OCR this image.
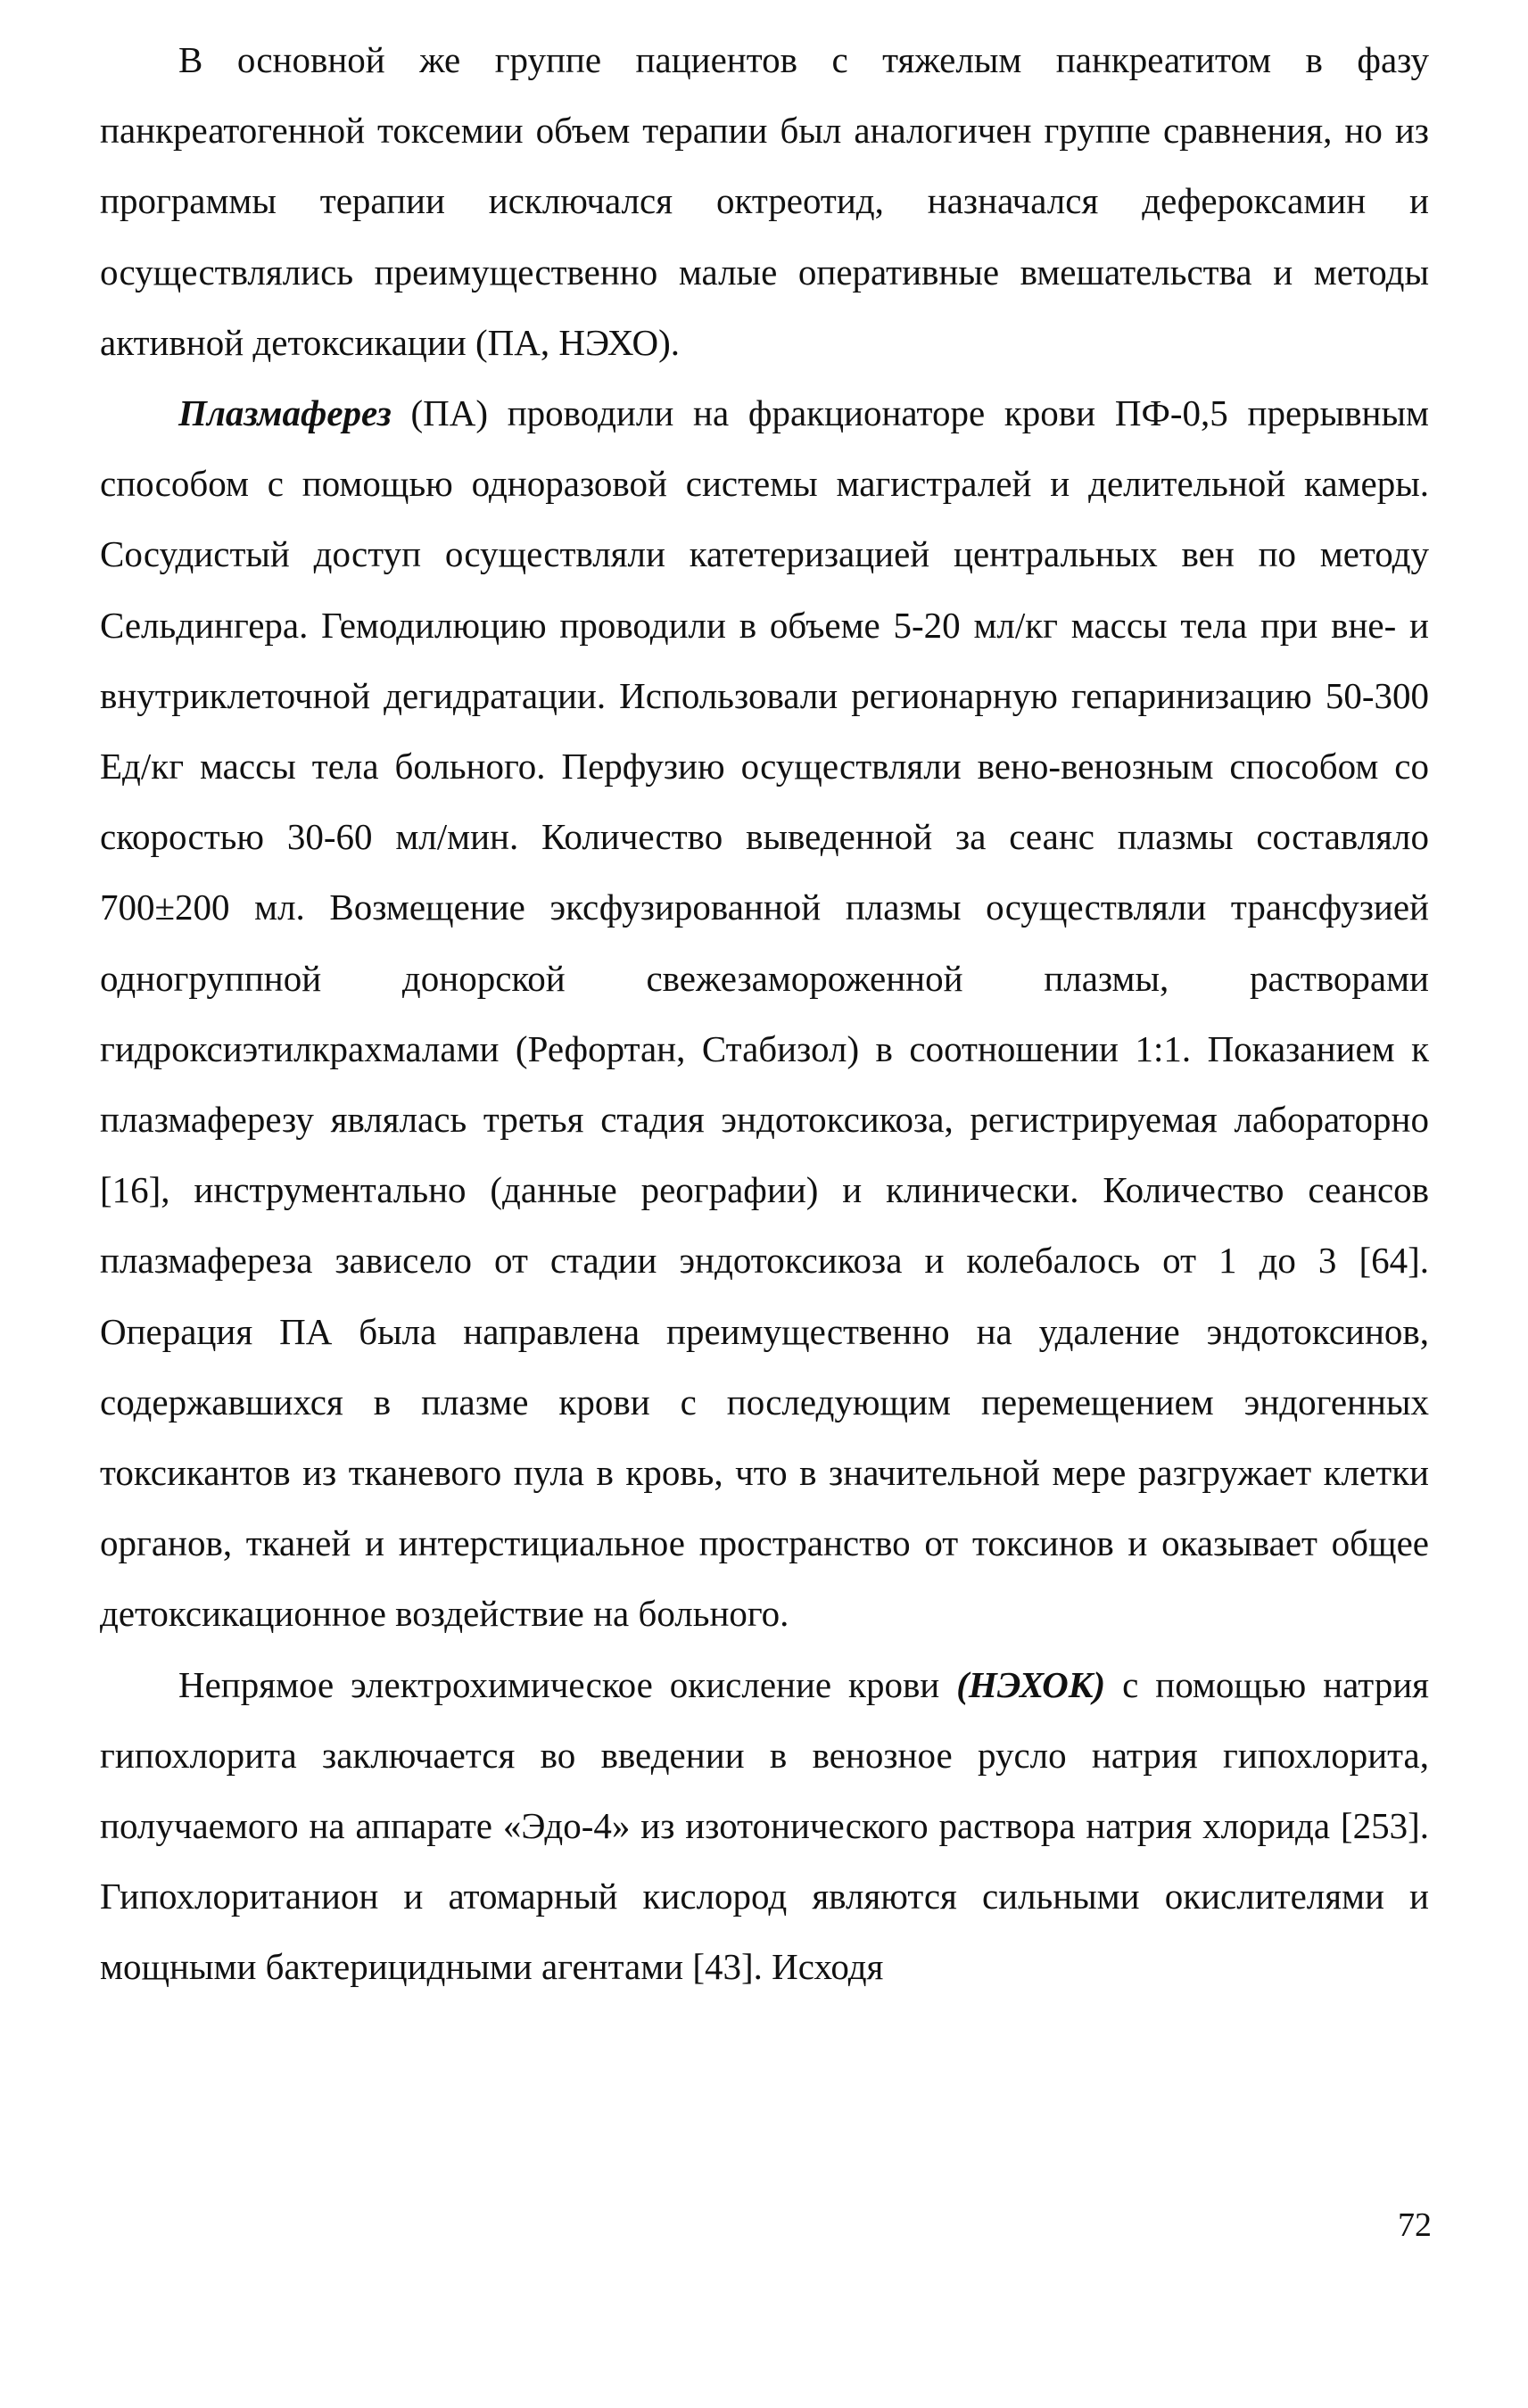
В основной же группе пациентов с тяжелым панкреатитом в фазу панкреатогенной токсемии объем терапии был аналогичен группе сравнения, но из программы терапии исключался октреотид, назначался дефероксамин и осуществлялись преимущественно малые оперативные вмешательства и методы активной детоксикации (ПА, НЭХО).

Плазмаферез (ПА) проводили на фракционаторе крови ПФ-0,5 прерывным способом с помощью одноразовой системы магистралей и делительной камеры. Сосудистый доступ осуществляли катетеризацией центральных вен по методу Сельдингера. Гемодилюцию проводили в объеме 5-20 мл/кг массы тела при вне- и внутриклеточной дегидратации. Использовали регионарную гепаринизацию 50-300 Ед/кг массы тела больного. Перфузию осуществляли вено-венозным способом со скоростью 30-60 мл/мин. Количество выведенной за сеанс плазмы составляло 700±200 мл. Возмещение эксфузированной плазмы осуществляли трансфузией одногруппной донорской свежезамороженной плазмы, растворами гидроксиэтилкрахмалами (Рефортан, Стабизол) в соотношении 1:1. Показанием к плазмаферезу являлась третья стадия эндотоксикоза, регистрируемая лабораторно [16], инструментально (данные реографии) и клинически. Количество сеансов плазмафереза зависело от стадии эндотоксикоза и колебалось от 1 до 3 [64]. Операция ПА была направлена преимущественно на удаление эндотоксинов, содержавшихся в плазме крови с последующим перемещением эндогенных токсикантов из тканевого пула в кровь, что в значительной мере разгружает клетки органов, тканей и интерстициальное пространство от токсинов и оказывает общее детоксикационное воздействие на больного.

Непрямое электрохимическое окисление крови (НЭХОК) с помощью натрия гипохлорита заключается во введении в венозное русло натрия гипохлорита, получаемого на аппарате «Эдо-4» из изотонического раствора натрия хлорида [253]. Гипохлоританион и атомарный кислород являются сильными окислителями и мощными бактерицидными агентами [43]. Исходя

72
